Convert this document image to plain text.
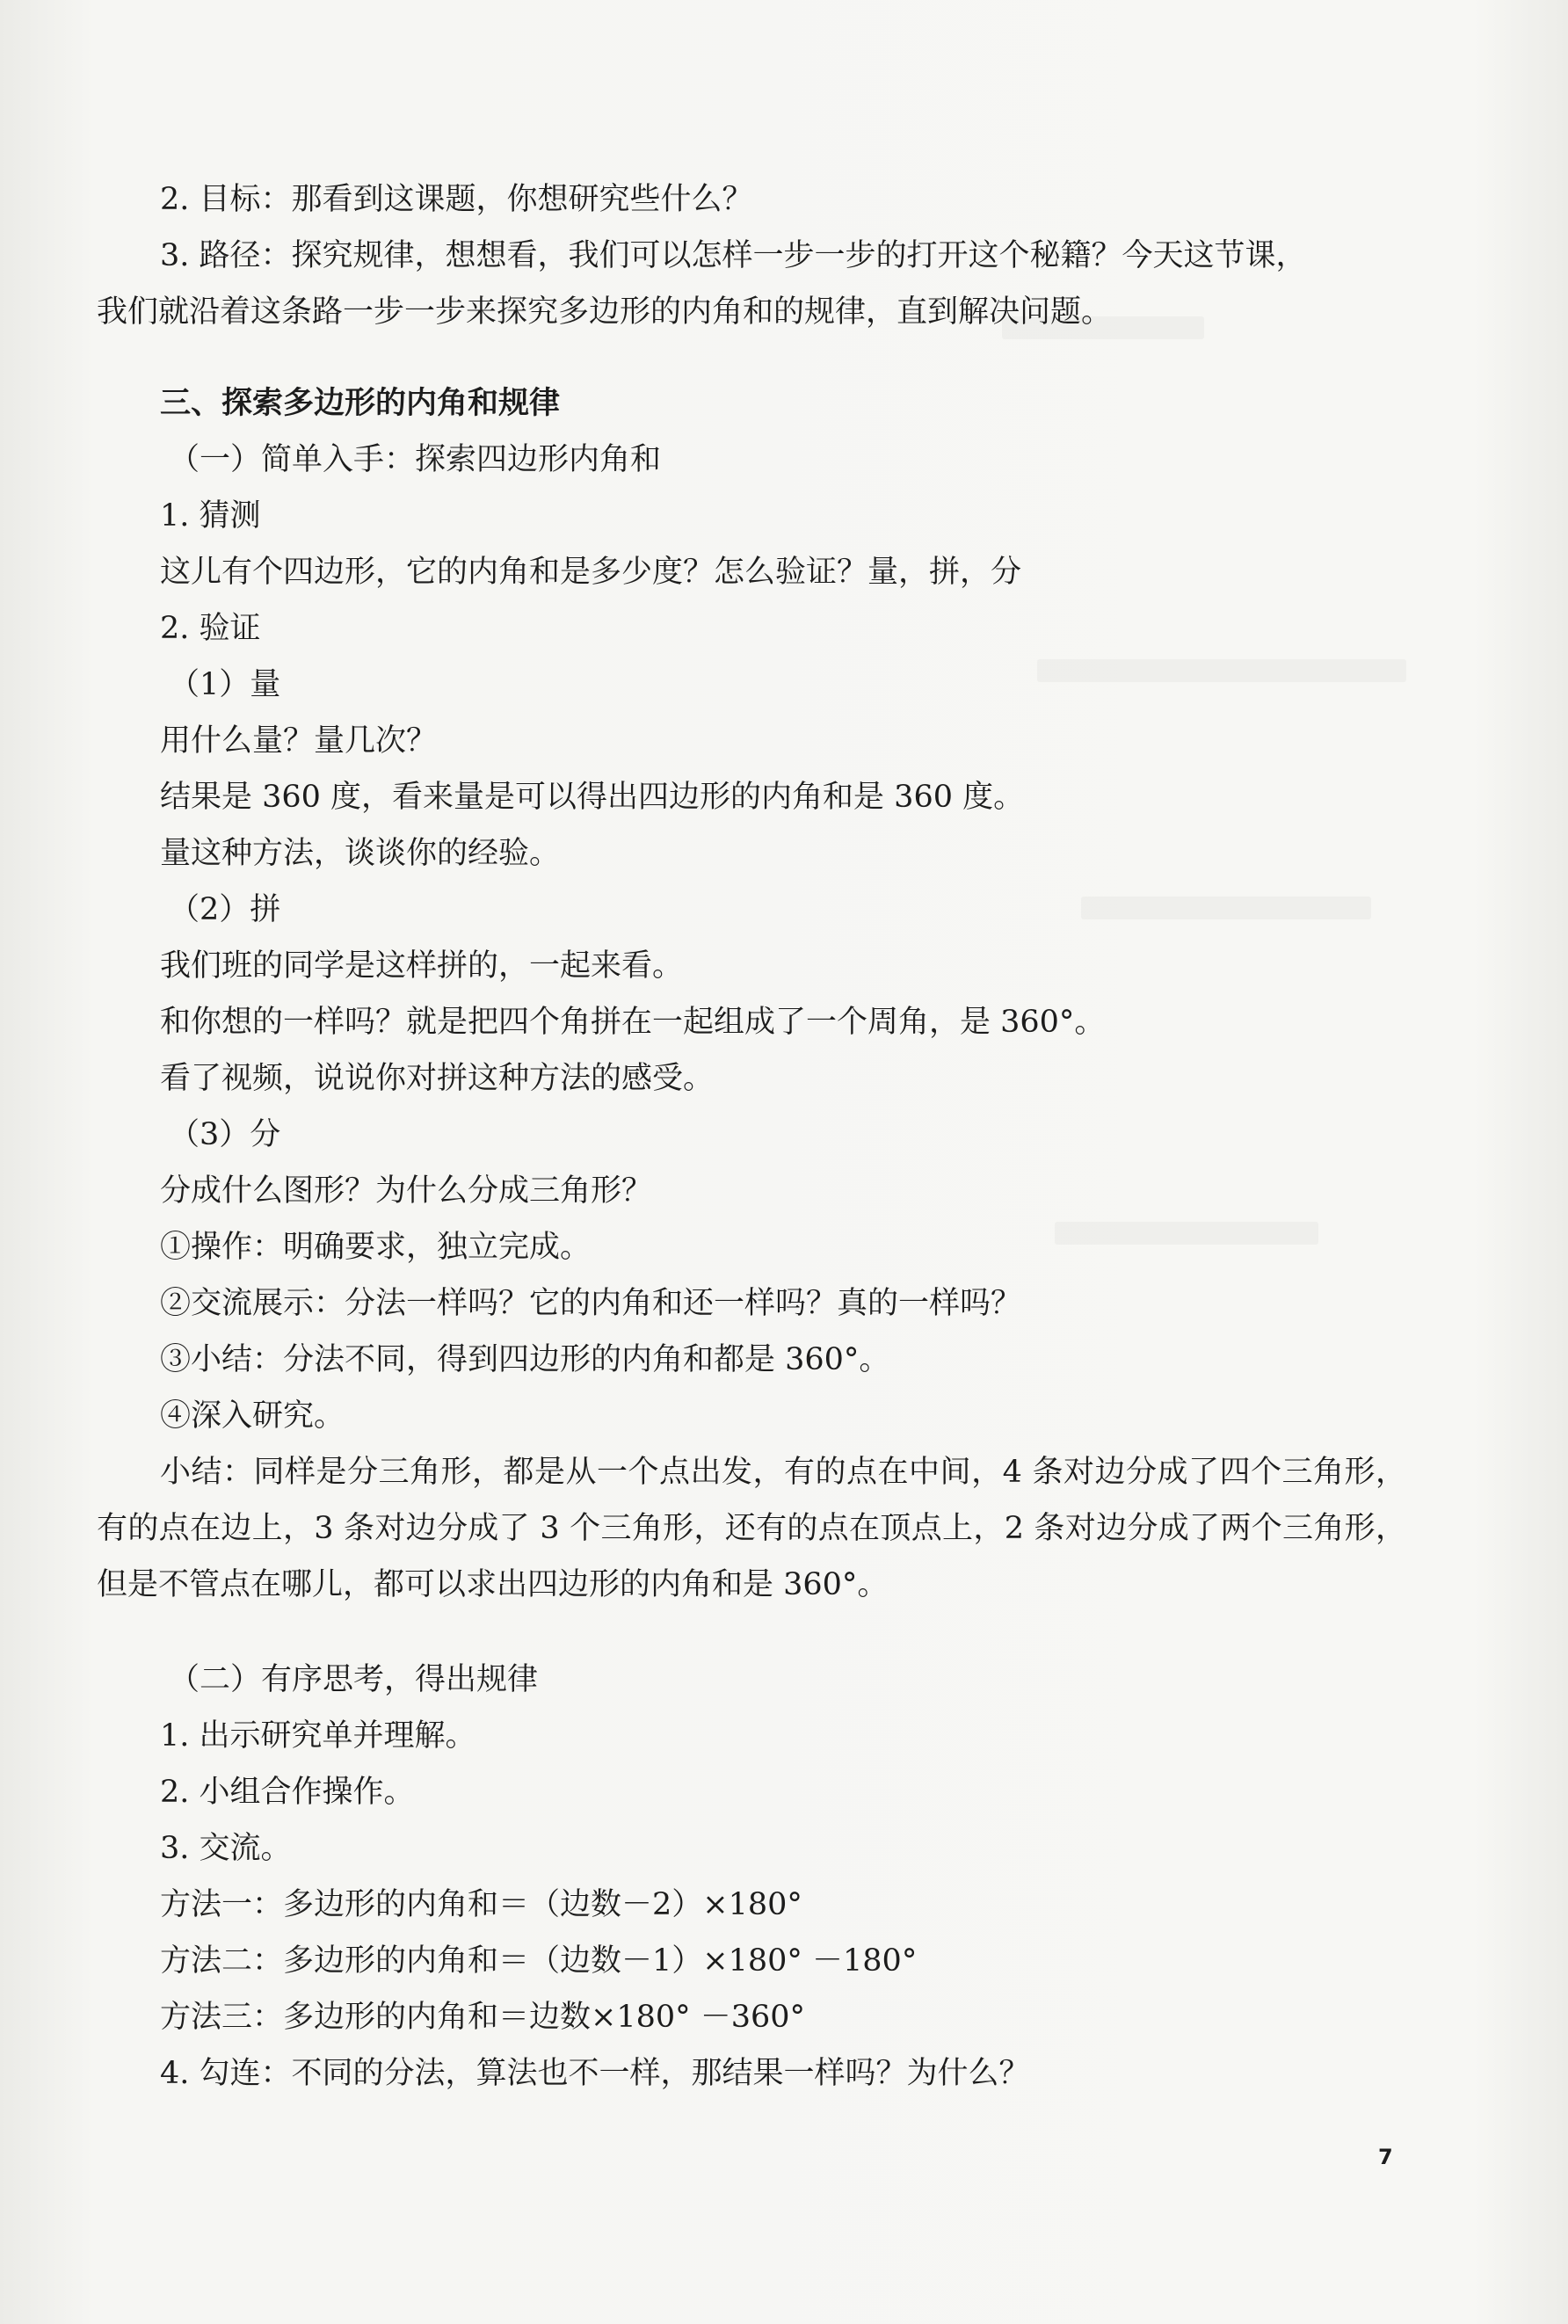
2. 目标：那看到这课题，你想研究些什么？
3. 路径：探究规律，想想看，我们可以怎样一步一步的打开这个秘籍？今天这节课，
我们就沿着这条路一步一步来探究多边形的内角和的规律，直到解决问题。
三、探索多边形的内角和规律
（一）简单入手：探索四边形内角和
1. 猜测
这儿有个四边形，它的内角和是多少度？怎么验证？量，拼，分
2. 验证
（1）量
用什么量？量几次？
结果是 360 度，看来量是可以得出四边形的内角和是 360 度。
量这种方法，谈谈你的经验。
（2）拼
我们班的同学是这样拼的，一起来看。
和你想的一样吗？就是把四个角拼在一起组成了一个周角，是 360°。
看了视频，说说你对拼这种方法的感受。
（3）分
分成什么图形？为什么分成三角形？
①操作：明确要求，独立完成。
②交流展示：分法一样吗？它的内角和还一样吗？真的一样吗？
③小结：分法不同，得到四边形的内角和都是 360°。
④深入研究。
小结：同样是分三角形，都是从一个点出发，有的点在中间，4 条对边分成了四个三角形，有的点在边上，3 条对边分成了 3 个三角形，还有的点在顶点上，2 条对边分成了两个三角形，但是不管点在哪儿，都可以求出四边形的内角和是 360°。
（二）有序思考，得出规律
1. 出示研究单并理解。
2. 小组合作操作。
3. 交流。
方法一：多边形的内角和＝（边数－2）×180°
方法二：多边形的内角和＝（边数－1）×180° －180°
方法三：多边形的内角和＝边数×180° －360°
4. 勾连：不同的分法，算法也不一样，那结果一样吗？为什么？
7
